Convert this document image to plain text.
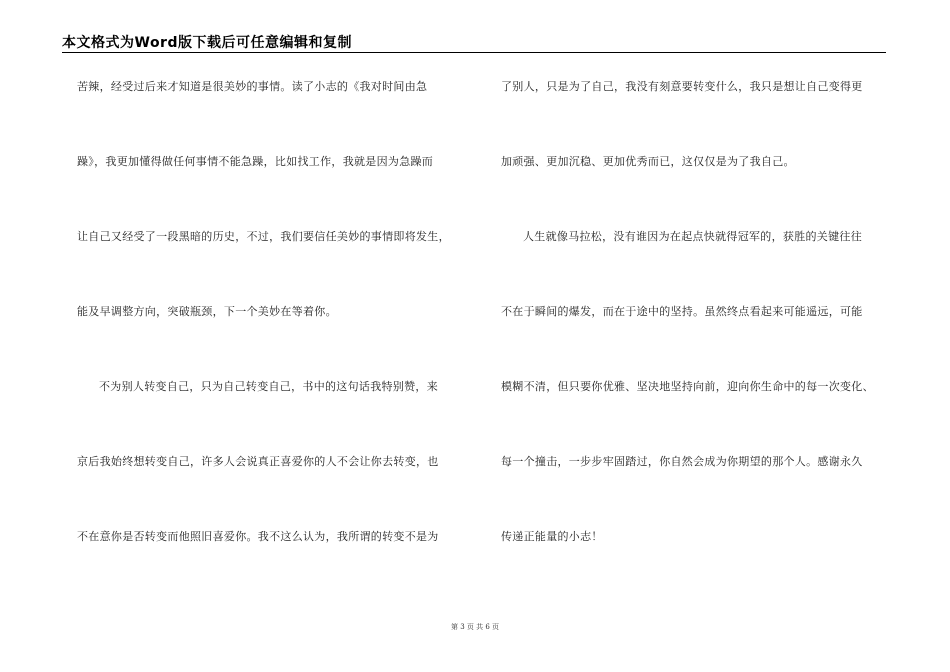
本文格式为Word版下载后可任意编辑和复制
苦辣，经受过后来才知道是很美妙的事情。读了小志的《我对时间由急
躁》，我更加懂得做任何事情不能急躁，比如找工作，我就是因为急躁而
让自己又经受了一段黑暗的历史，不过，我们要信任美妙的事情即将发生，
能及早调整方向，突破瓶颈，下一个美妙在等着你。
不为别人转变自己，只为自己转变自己，书中的这句话我特别赞，来
京后我始终想转变自己，许多人会说真正喜爱你的人不会让你去转变，也
不在意你是否转变而他照旧喜爱你。我不这么认为，我所谓的转变不是为
了别人，只是为了自己，我没有刻意要转变什么，我只是想让自己变得更
加顽强、更加沉稳、更加优秀而已，这仅仅是为了我自己。
人生就像马拉松，没有谁因为在起点快就得冠军的，获胜的关键往往
不在于瞬间的爆发，而在于途中的坚持。虽然终点看起来可能遥远，可能
模糊不清，但只要你优雅、坚决地坚持向前，迎向你生命中的每一次变化、
每一个撞击，一步步牢固踏过，你自然会成为你期望的那个人。感谢永久
传递正能量的小志！
第 3 页 共 6 页
